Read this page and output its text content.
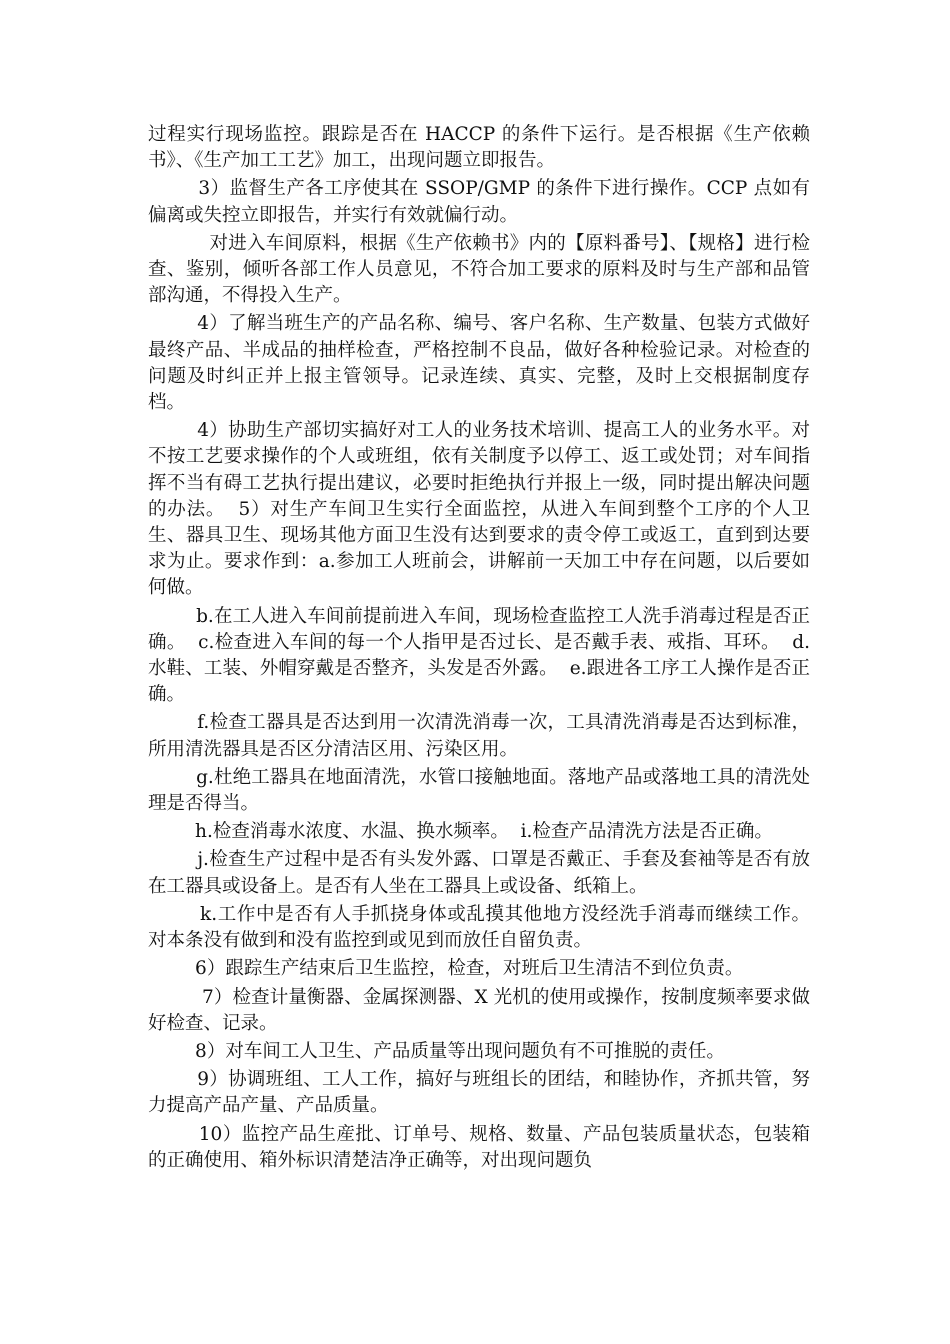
过程实行现场监控。跟踪是否在 HACCP 的条件下运行。是否根据《生产依赖书》、《生产加工工艺》加工，出现问题立即报告。

3）监督生产各工序使其在 SSOP/GMP 的条件下进行操作。CCP 点如有偏离或失控立即报告，并实行有效就偏行动。

对进入车间原料，根据《生产依赖书》内的【原料番号】、【规格】进行检查、鉴别，倾听各部工作人员意见，不符合加工要求的原料及时与生产部和品管部沟通，不得投入生产。

4）了解当班生产的产品名称、编号、客户名称、生产数量、包装方式做好最终产品、半成品的抽样检查，严格控制不良品，做好各种检验记录。对检查的问题及时纠正并上报主管领导。记录连续、真实、完整，及时上交根据制度存档。

4）协助生产部切实搞好对工人的业务技术培训、提高工人的业务水平。对不按工艺要求操作的个人或班组，依有关制度予以停工、返工或处罚；对车间指挥不当有碍工艺执行提出建议，必要时拒绝执行并报上一级，同时提出解决问题的办法。  5）对生产车间卫生实行全面监控，从进入车间到整个工序的个人卫生、器具卫生、现场其他方面卫生没有达到要求的责令停工或返工，直到到达要求为止。要求作到：a.参加工人班前会，讲解前一天加工中存在问题，以后要如何做。

b.在工人进入车间前提前进入车间，现场检查监控工人洗手消毒过程是否正确。  c.检查进入车间的每一个人指甲是否过长、是否戴手表、戒指、耳环。  d.水鞋、工装、外帽穿戴是否整齐，头发是否外露。  e.跟进各工序工人操作是否正确。

f.检查工器具是否达到用一次清洗消毒一次，工具清洗消毒是否达到标准，所用清洗器具是否区分清洁区用、污染区用。

g.杜绝工器具在地面清洗，水管口接触地面。落地产品或落地工具的清洗处理是否得当。

h.检查消毒水浓度、水温、换水频率。  i.检查产品清洗方法是否正确。

j.检查生产过程中是否有头发外露、口罩是否戴正、手套及套袖等是否有放在工器具或设备上。是否有人坐在工器具上或设备、纸箱上。

k.工作中是否有人手抓挠身体或乱摸其他地方没经洗手消毒而继续工作。  对本条没有做到和没有监控到或见到而放任自留负责。

6）跟踪生产结束后卫生监控，检查，对班后卫生清洁不到位负责。

7）检查计量衡器、金属探测器、X 光机的使用或操作，按制度频率要求做好检查、记录。

8）对车间工人卫生、产品质量等出现问题负有不可推脱的责任。

9）协调班组、工人工作，搞好与班组长的团结，和睦协作，齐抓共管，努力提高产品产量、产品质量。

10）监控产品生産批、订单号、规格、数量、产品包装质量状态，包装箱的正确使用、箱外标识清楚洁净正确等，对出现问题负
